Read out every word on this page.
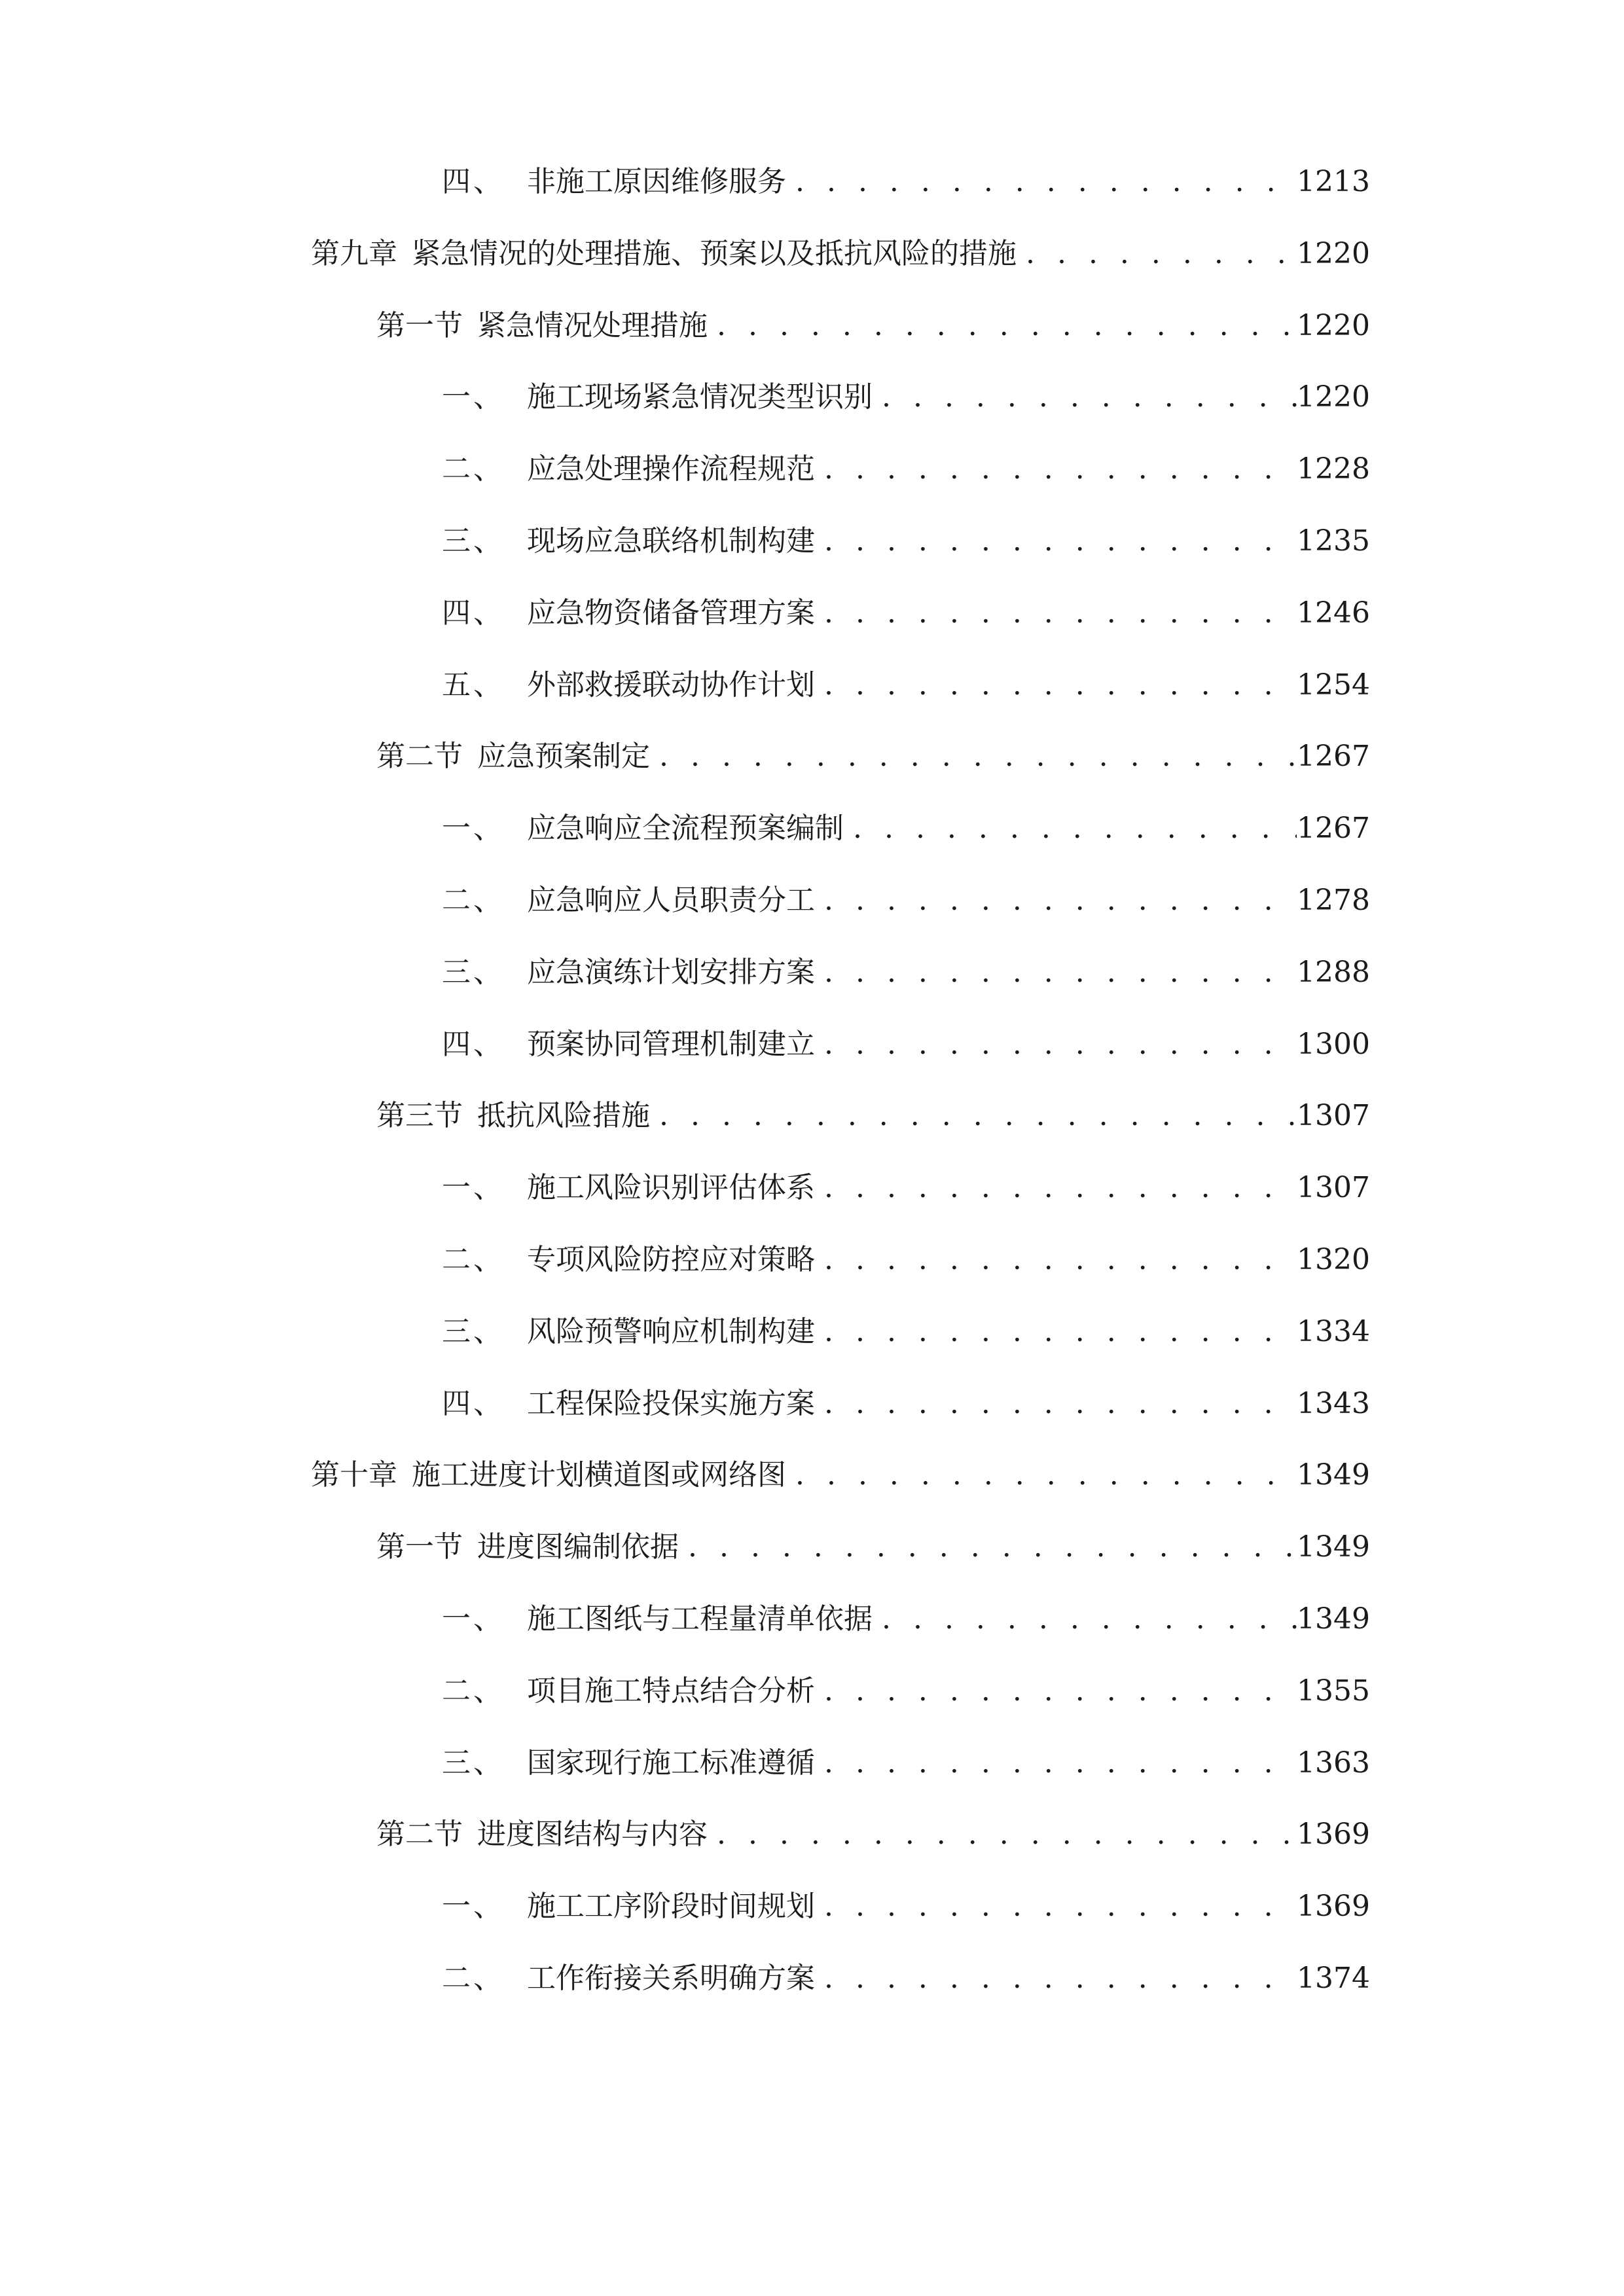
四、 非施工原因维修服务 . . .	1213
第九章 紧急情况的处理措施、预案以及抵抗风险的措施 . . .	1220
第一节 紧急情况处理措施 . . .	1220
一、 施工现场紧急情况类型识别 . . .	1220
二、 应急处理操作流程规范 . . .	1228
三、 现场应急联络机制构建 . . .	1235
四、 应急物资储备管理方案 . . .	1246
五、 外部救援联动协作计划 . . .	1254
第二节 应急预案制定 . . .	1267
一、 应急响应全流程预案编制 . . .	1267
二、 应急响应人员职责分工 . . .	1278
三、 应急演练计划安排方案 . . .	1288
四、 预案协同管理机制建立 . . .	1300
第三节 抵抗风险措施 . . .	1307
一、 施工风险识别评估体系 . . .	1307
二、 专项风险防控应对策略 . . .	1320
三、 风险预警响应机制构建 . . .	1334
四、 工程保险投保实施方案 . . .	1343
第十章 施工进度计划横道图或网络图 . . .	1349
第一节 进度图编制依据 . . .	1349
一、 施工图纸与工程量清单依据 . . .	1349
二、 项目施工特点结合分析 . . .	1355
三、 国家现行施工标准遵循 . . .	1363
第二节 进度图结构与内容 . . .	1369
一、 施工工序阶段时间规划 . . .	1369
二、 工作衔接关系明确方案 . . .	1374
